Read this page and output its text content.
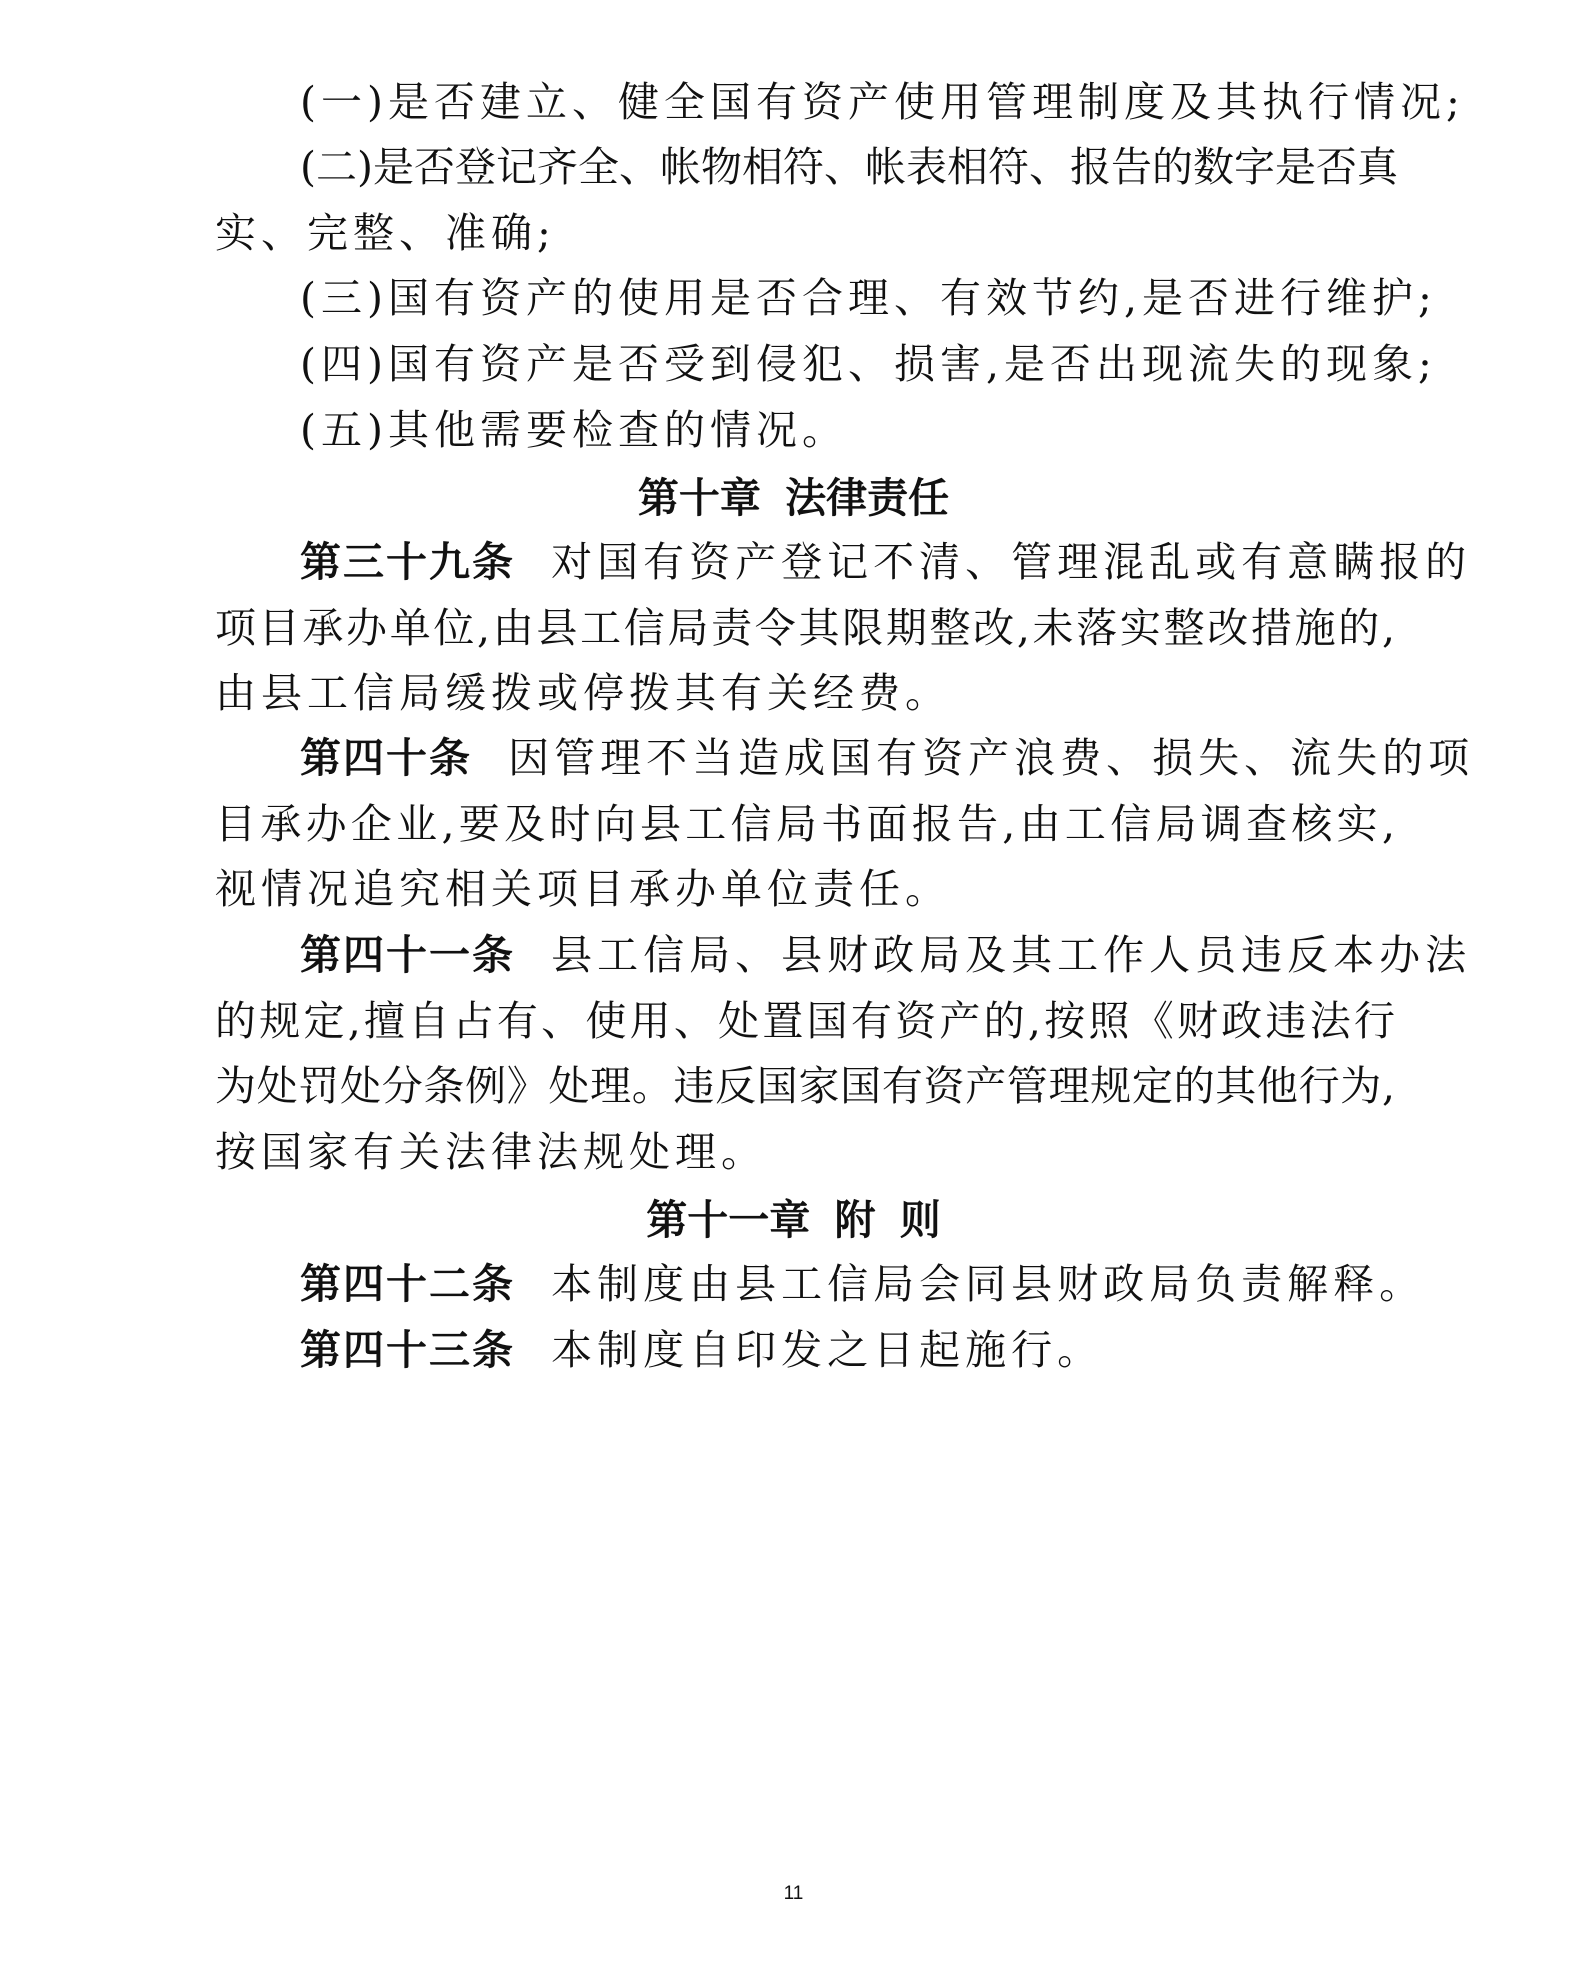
(一)是否建立、健全国有资产使用管理制度及其执行情况;
(二)是否登记齐全、帐物相符、帐表相符、报告的数字是否真
实、完整、准确;
(三)国有资产的使用是否合理、有效节约,是否进行维护;
(四)国有资产是否受到侵犯、损害,是否出现流失的现象;
(五)其他需要检查的情况。
第十章 法律责任
第三十九条 对国有资产登记不清、管理混乱或有意瞒报的
项目承办单位,由县工信局责令其限期整改,未落实整改措施的,
由县工信局缓拨或停拨其有关经费。
第四十条 因管理不当造成国有资产浪费、损失、流失的项
目承办企业,要及时向县工信局书面报告,由工信局调查核实,
视情况追究相关项目承办单位责任。
第四十一条 县工信局、县财政局及其工作人员违反本办法
的规定,擅自占有、使用、处置国有资产的,按照《财政违法行
为处罚处分条例》处理。违反国家国有资产管理规定的其他行为,
按国家有关法律法规处理。
第十一章 附 则
第四十二条 本制度由县工信局会同县财政局负责解释。
第四十三条 本制度自印发之日起施行。
11
